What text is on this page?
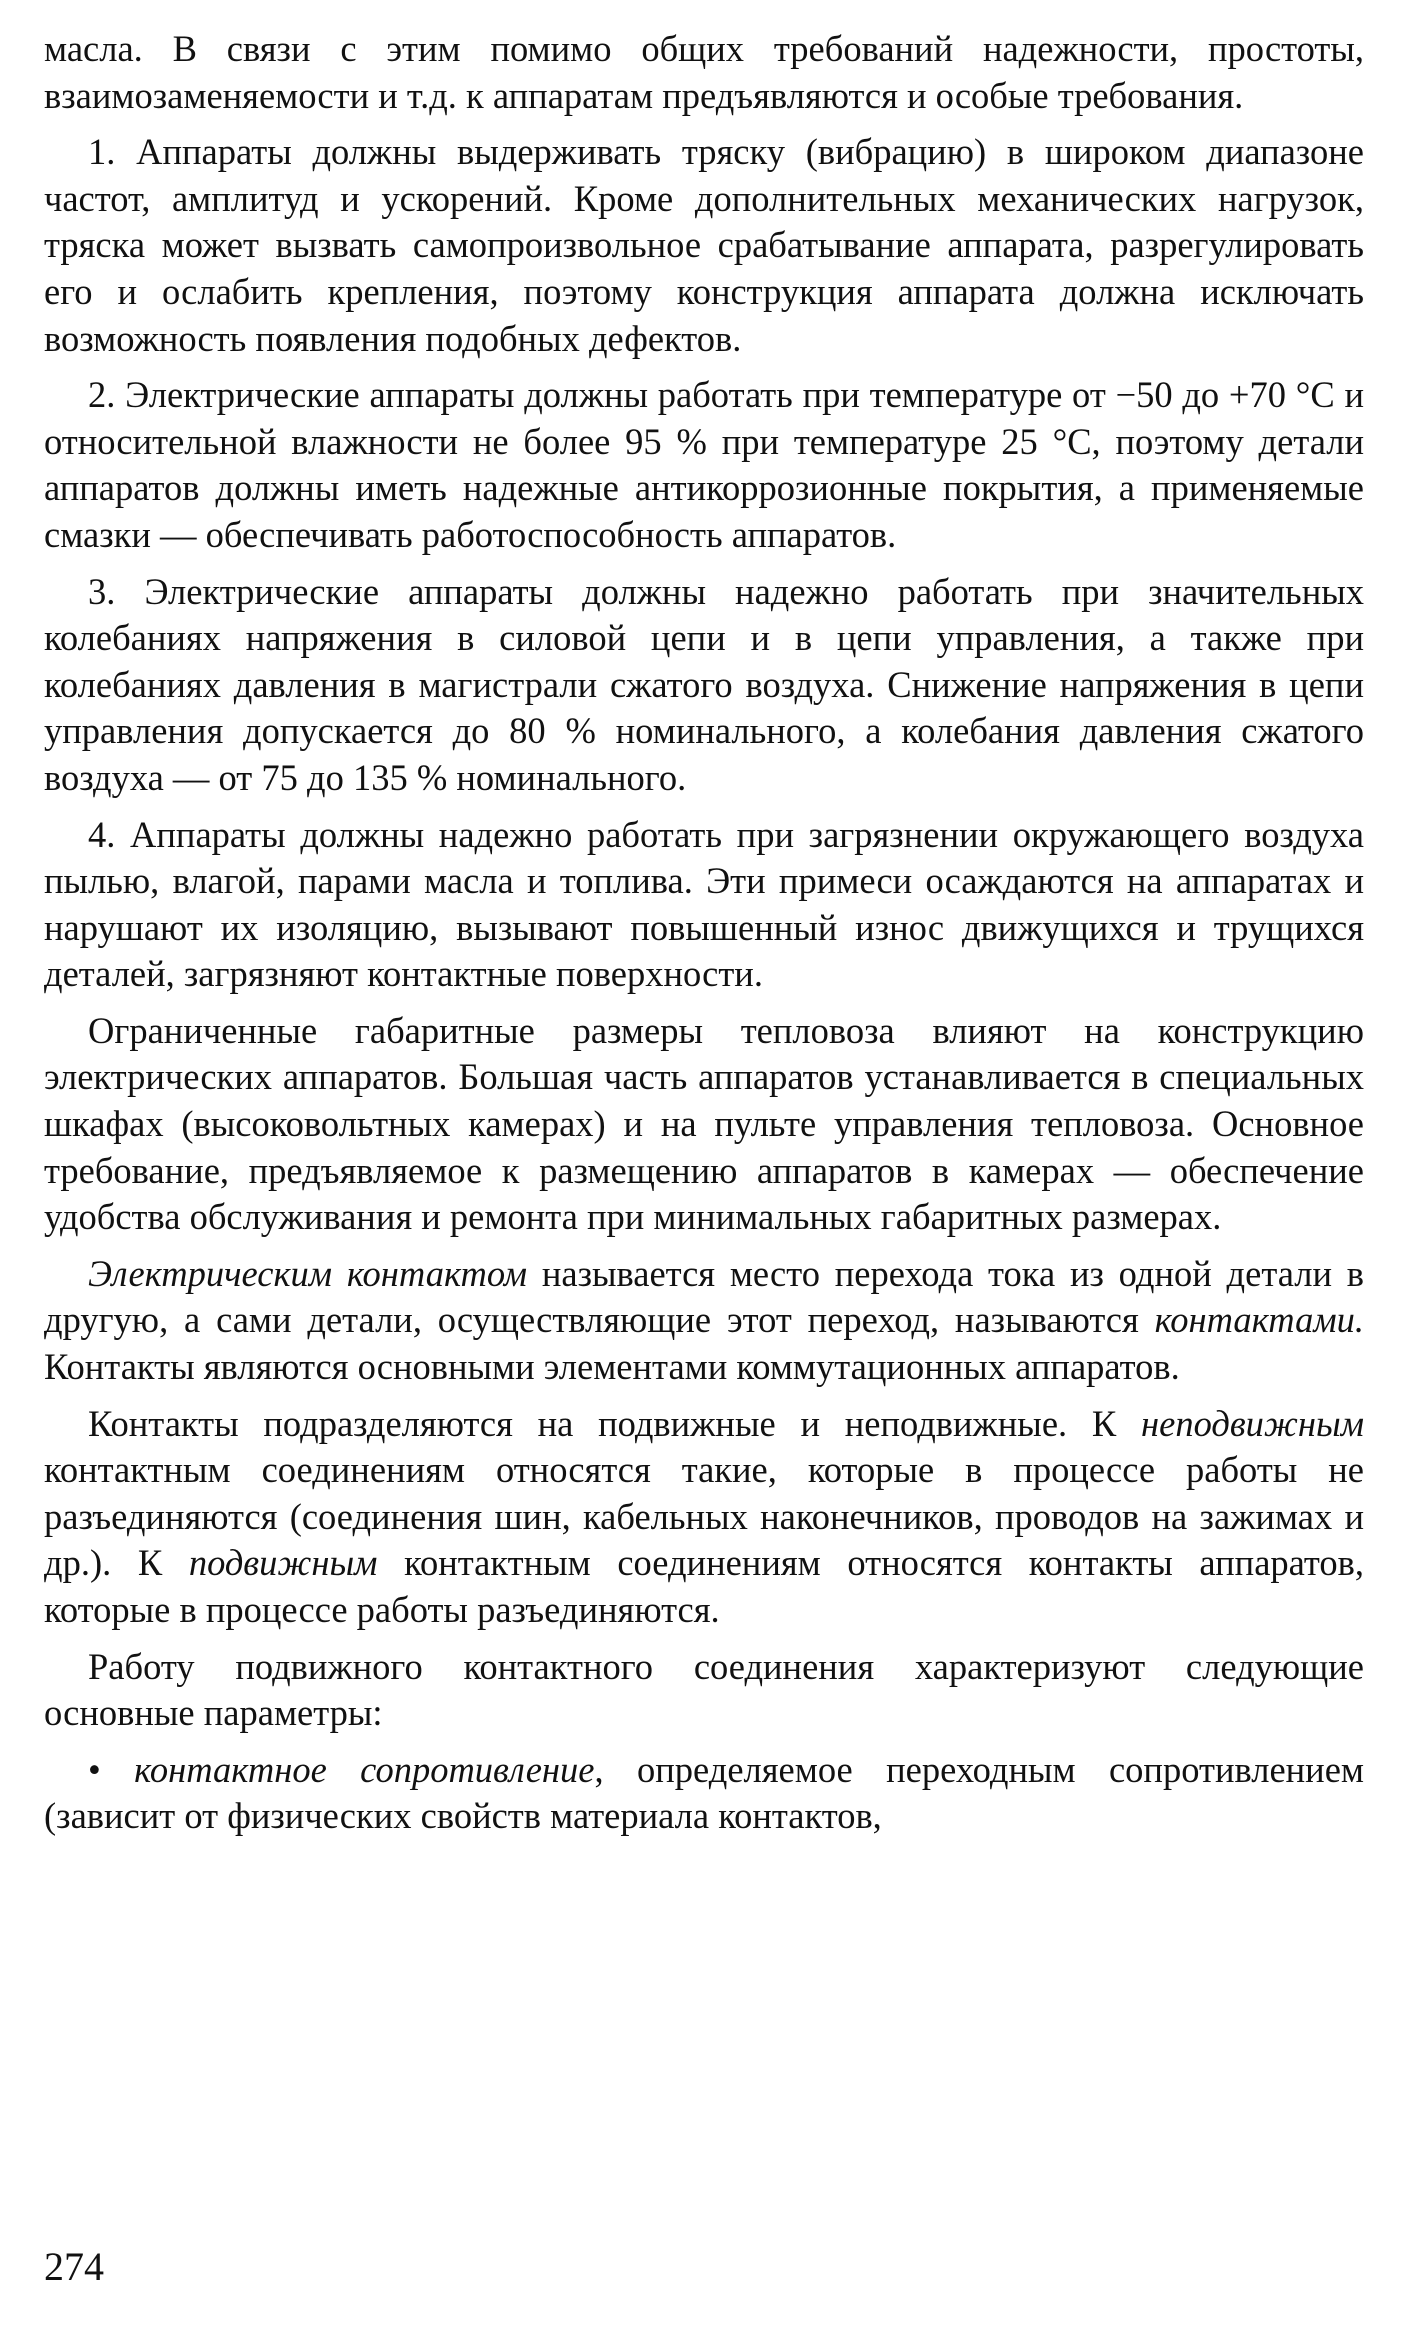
масла. В связи с этим помимо общих требований надежности, простоты, взаимозаменяемости и т.д. к аппаратам предъявляются и особые требования.

1. Аппараты должны выдерживать тряску (вибрацию) в широком диапазоне частот, амплитуд и ускорений. Кроме дополнительных механических нагрузок, тряска может вызвать самопроизвольное срабатывание аппарата, разрегулировать его и ослабить крепления, поэтому конструкция аппарата должна исключать возможность появления подобных дефектов.

2. Электрические аппараты должны работать при температуре от −50 до +70 °С и относительной влажности не более 95 % при температуре 25 °С, поэтому детали аппаратов должны иметь надежные антикоррозионные покрытия, а применяемые смазки — обеспечивать работоспособность аппаратов.

3. Электрические аппараты должны надежно работать при значительных колебаниях напряжения в силовой цепи и в цепи управления, а также при колебаниях давления в магистрали сжатого воздуха. Снижение напряжения в цепи управления допускается до 80 % номинального, а колебания давления сжатого воздуха — от 75 до 135 % номинального.

4. Аппараты должны надежно работать при загрязнении окружающего воздуха пылью, влагой, парами масла и топлива. Эти примеси осаждаются на аппаратах и нарушают их изоляцию, вызывают повышенный износ движущихся и трущихся деталей, загрязняют контактные поверхности.

Ограниченные габаритные размеры тепловоза влияют на конструкцию электрических аппаратов. Большая часть аппаратов устанавливается в специальных шкафах (высоковольтных камерах) и на пульте управления тепловоза. Основное требование, предъявляемое к размещению аппаратов в камерах — обеспечение удобства обслуживания и ремонта при минимальных габаритных размерах.

Электрическим контактом называется место перехода тока из одной детали в другую, а сами детали, осуществляющие этот переход, называются контактами. Контакты являются основными элементами коммутационных аппаратов.

Контакты подразделяются на подвижные и неподвижные. К неподвижным контактным соединениям относятся такие, которые в процессе работы не разъединяются (соединения шин, кабельных наконечников, проводов на зажимах и др.). К подвижным контактным соединениям относятся контакты аппаратов, которые в процессе работы разъединяются.

Работу подвижного контактного соединения характеризуют следующие основные параметры:

• контактное сопротивление, определяемое переходным сопротивлением (зависит от физических свойств материала контактов,

274
